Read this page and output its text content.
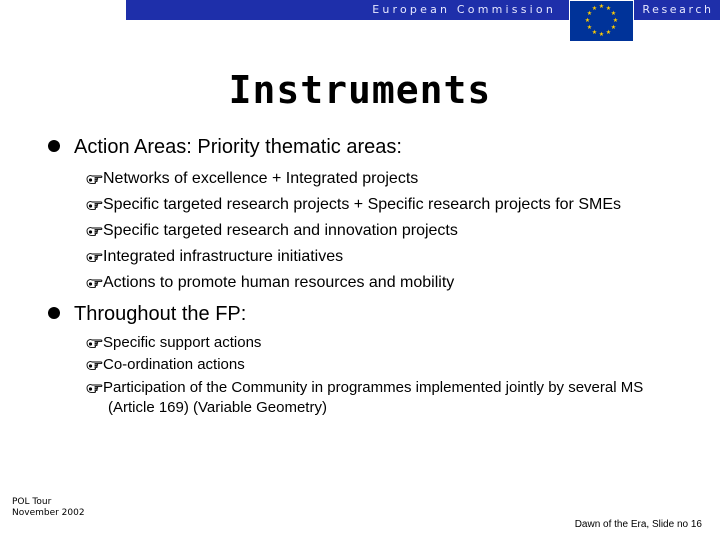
European Commission	Research
★ ★
★
★
★
★
★
★
★
★
★
★
Instruments
Action Areas: Priority thematic areas:
Networks of excellence + Integrated projects
Specific targeted research projects + Specific research projects for SMEs
Specific targeted research and innovation projects
Integrated infrastructure initiatives
Actions to promote human resources and mobility
Throughout the FP:
Specific support actions
Co-ordination actions
Participation of the Community in programmes implemented jointly by several MS
(Article 169) (Variable Geometry)
POL Tour
November 2002
Dawn of the Era, Slide no 16
